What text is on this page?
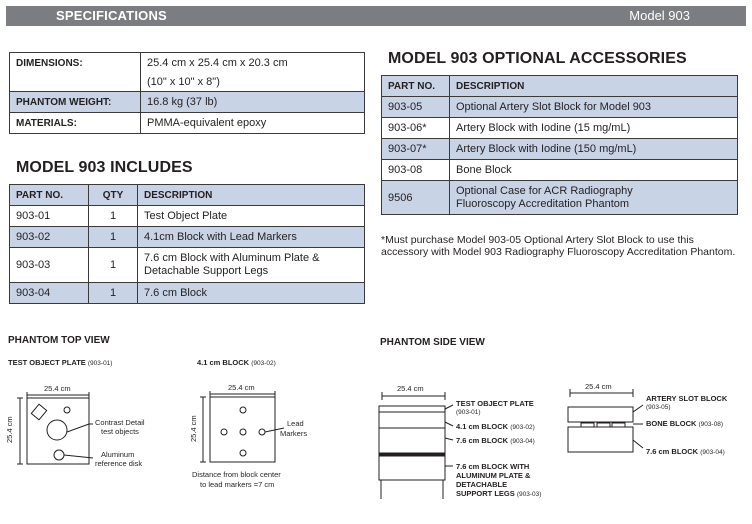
SPECIFICATIONS	Model 903
DIMENSIONS:	25.4 cm x 25.4 cm x 20.3 cm
	(10" x 10" x 8")
PHANTOM WEIGHT:	16.8 kg (37 lb)
MATERIALS:	PMMA-equivalent epoxy
MODEL 903 INCLUDES
PART NO.	QTY	DESCRIPTION
903-01	1	Test Object Plate
903-02	1	4.1cm Block with Lead Markers
903-03	1	7.6 cm Block with Aluminum Plate &
Detachable Support Legs
903-04	1	7.6 cm Block
MODEL 903 OPTIONAL ACCESSORIES
PART NO.	DESCRIPTION
903-05	Optional Artery Slot Block for Model 903
903-06*	Artery Block with Iodine (15 mg/mL)
903-07*	Artery Block with Iodine (150 mg/mL)
903-08	Bone Block
9506	Optional Case for ACR Radiography
Fluoroscopy Accreditation Phantom
*Must purchase Model 903-05 Optional Artery Slot Block to use this accessory with Model 903 Radiography Fluoroscopy Accreditation Phantom.
PHANTOM TOP VIEW	PHANTOM SIDE VIEW
TEST OBJECT PLATE (903-01)	4.1 cm BLOCK (903-02)
25.4 cm
25.4 cm
25.4 cm
25.4 cm
Contrast Detail
test objects
Aluminum
reference disk
Lead
Markers
Distance from block center
to lead markers =7 cm
25.4 cm	25.4 cm
TEST OBJECT PLATE
(903-01)
4.1 cm BLOCK (903-02)
7.6 cm BLOCK (903-04)
7.6 cm BLOCK WITH
ALUMINUM PLATE &
DETACHABLE
SUPPORT LEGS (903-03)
ARTERY SLOT BLOCK
(903-05)
BONE BLOCK (903-08)
7.6 cm BLOCK (903-04)
